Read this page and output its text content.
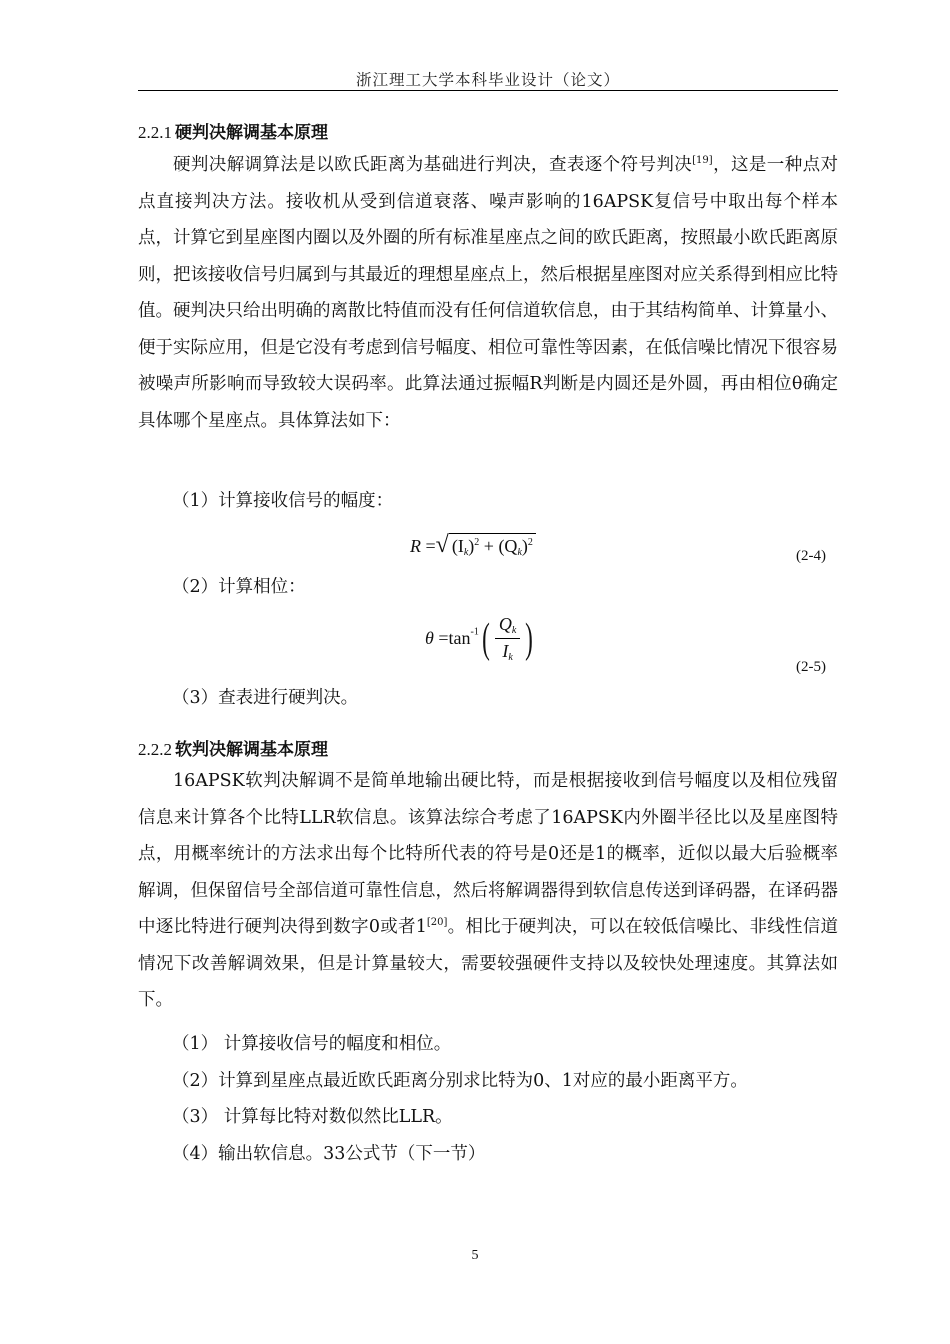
浙江理工大学本科毕业设计（论文）
2.2.1 硬判决解调基本原理
硬判决解调算法是以欧氏距离为基础进行判决，查表逐个符号判决[19]，这是一种点对点直接判决方法。接收机从受到信道衰落、噪声影响的16APSK复信号中取出每个样本点，计算它到星座图内圈以及外圈的所有标准星座点之间的欧氏距离，按照最小欧氏距离原则，把该接收信号归属到与其最近的理想星座点上，然后根据星座图对应关系得到相应比特值。硬判决只给出明确的离散比特值而没有任何信道软信息，由于其结构简单、计算量小、便于实际应用，但是它没有考虑到信号幅度、相位可靠性等因素，在低信噪比情况下很容易被噪声所影响而导致较大误码率。此算法通过振幅R判断是内圆还是外圆，再由相位θ确定具体哪个星座点。具体算法如下：
（1）计算接收信号的幅度：
R =√ $(I_k)^2 + (Q_k)^2$
(2-4)
（2）计算相位：
$\theta =\tan^{-1}( \frac{Q_k}{I_k}$ )
(2-5)
（3）查表进行硬判决。
2.2.2 软判决解调基本原理
16APSK软判决解调不是简单地输出硬比特，而是根据接收到信号幅度以及相位残留信息来计算各个比特LLR软信息。该算法综合考虑了16APSK内外圈半径比以及星座图特点，用概率统计的方法求出每个比特所代表的符号是0还是1的概率，近似以最大后验概率解调，但保留信号全部信道可靠性信息，然后将解调器得到软信息传送到译码器，在译码器中逐比特进行硬判决得到数字0或者1[20]。相比于硬判决，可以在较低信噪比、非线性信道情况下改善解调效果，但是计算量较大，需要较强硬件支持以及较快处理速度。其算法如下。
（1） 计算接收信号的幅度和相位。
（2）计算到星座点最近欧氏距离分别求比特为0、1对应的最小距离平方。
（3） 计算每比特对数似然比LLR。
（4）输出软信息。33公式节（下一节）
5
